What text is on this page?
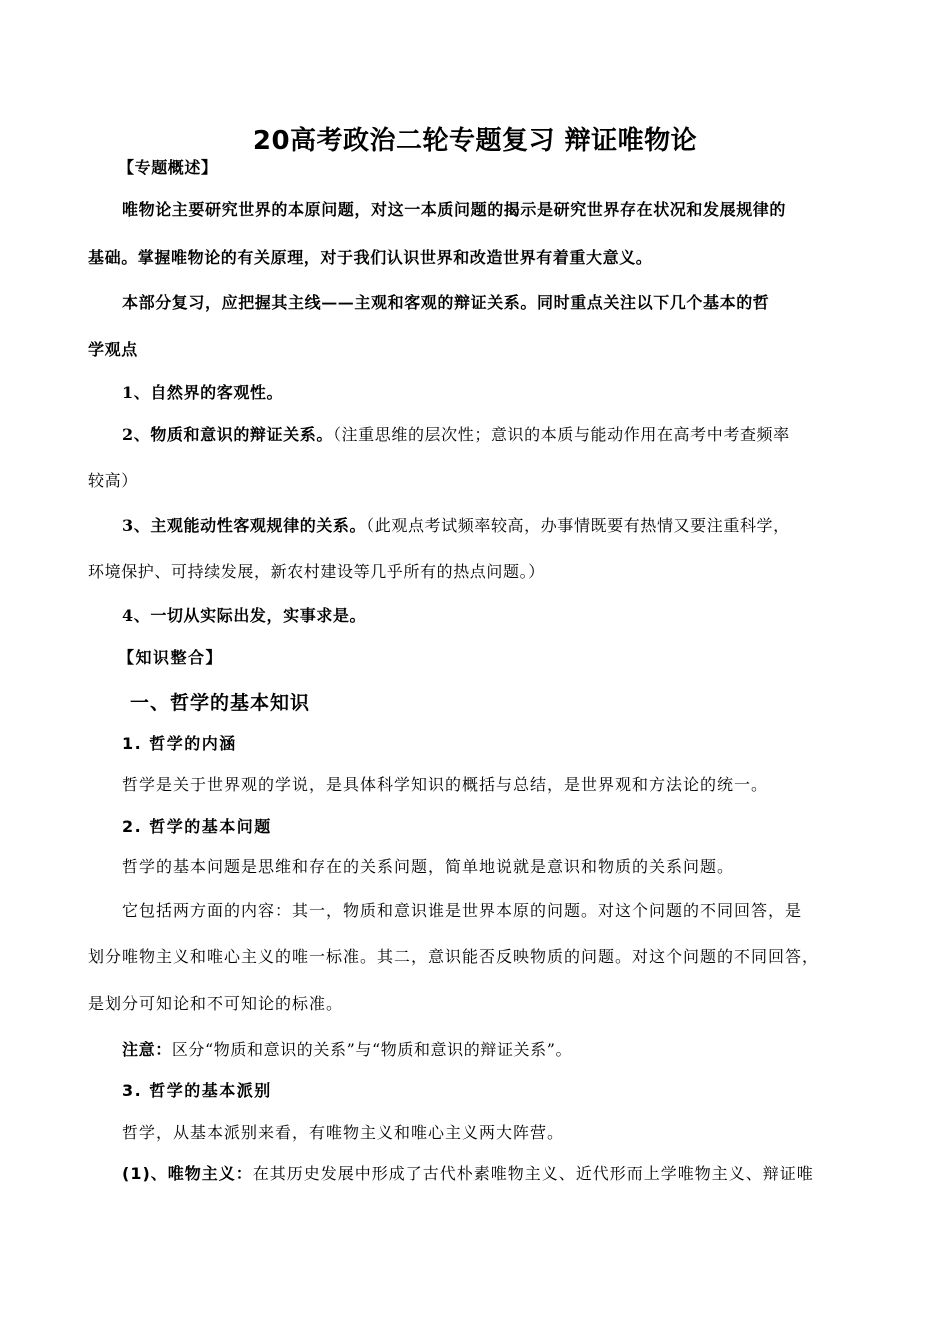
20高考政治二轮专题复习 辩证唯物论
【专题概述】
唯物论主要研究世界的本原问题，对这一本质问题的揭示是研究世界存在状况和发展规律的
基础。掌握唯物论的有关原理，对于我们认识世界和改造世界有着重大意义。
本部分复习，应把握其主线——主观和客观的辩证关系。同时重点关注以下几个基本的哲
学观点
1、自然界的客观性。
2、物质和意识的辩证关系。（注重思维的层次性；意识的本质与能动作用在高考中考查频率
较高）
3、主观能动性客观规律的关系。（此观点考试频率较高，办事情既要有热情又要注重科学，
环境保护、可持续发展，新农村建设等几乎所有的热点问题。）
4、一切从实际出发，实事求是。
【知识整合】
一、哲学的基本知识
1. 哲学的内涵
哲学是关于世界观的学说，是具体科学知识的概括与总结，是世界观和方法论的统一。
2. 哲学的基本问题
哲学的基本问题是思维和存在的关系问题，简单地说就是意识和物质的关系问题。
它包括两方面的内容：其一，物质和意识谁是世界本原的问题。对这个问题的不同回答，是
划分唯物主义和唯心主义的唯一标准。其二，意识能否反映物质的问题。对这个问题的不同回答，
是划分可知论和不可知论的标准。
注意：区分“物质和意识的关系”与“物质和意识的辩证关系”。
3. 哲学的基本派别
哲学，从基本派别来看，有唯物主义和唯心主义两大阵营。
(1)、唯物主义：在其历史发展中形成了古代朴素唯物主义、近代形而上学唯物主义、辩证唯
